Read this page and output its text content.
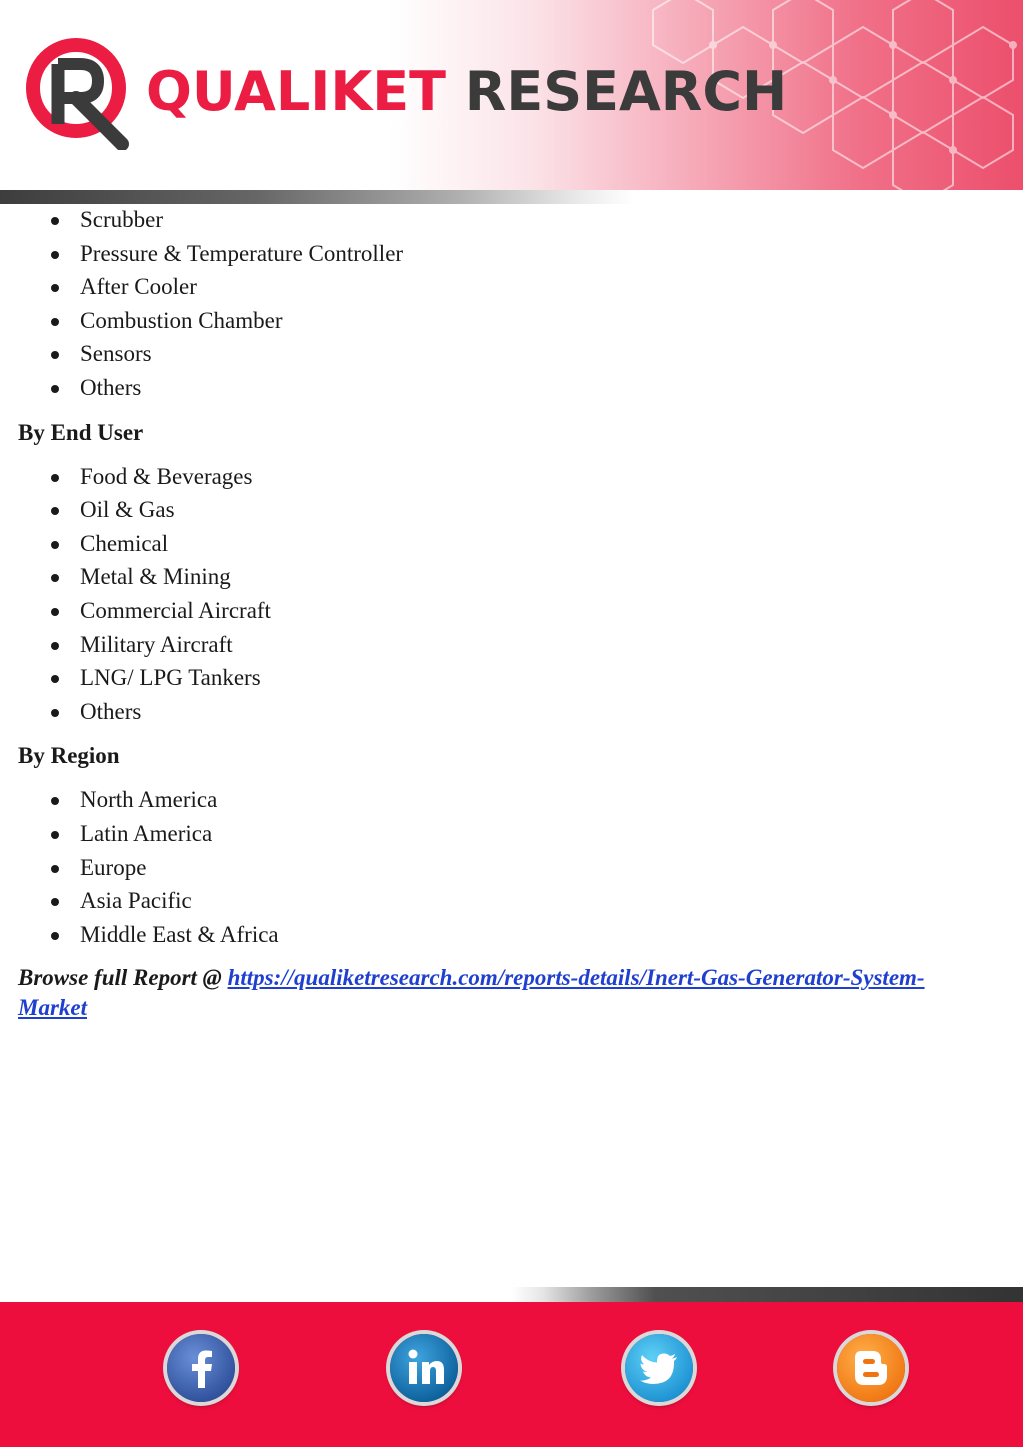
QUALIKET RESEARCH
Scrubber
Pressure & Temperature Controller
After Cooler
Combustion Chamber
Sensors
Others
By End User
Food & Beverages
Oil & Gas
Chemical
Metal & Mining
Commercial Aircraft
Military Aircraft
LNG/ LPG Tankers
Others
By Region
North America
Latin America
Europe
Asia Pacific
Middle East & Africa
Browse full Report @ https://qualiketresearch.com/reports-details/Inert-Gas-Generator-System-
Market
